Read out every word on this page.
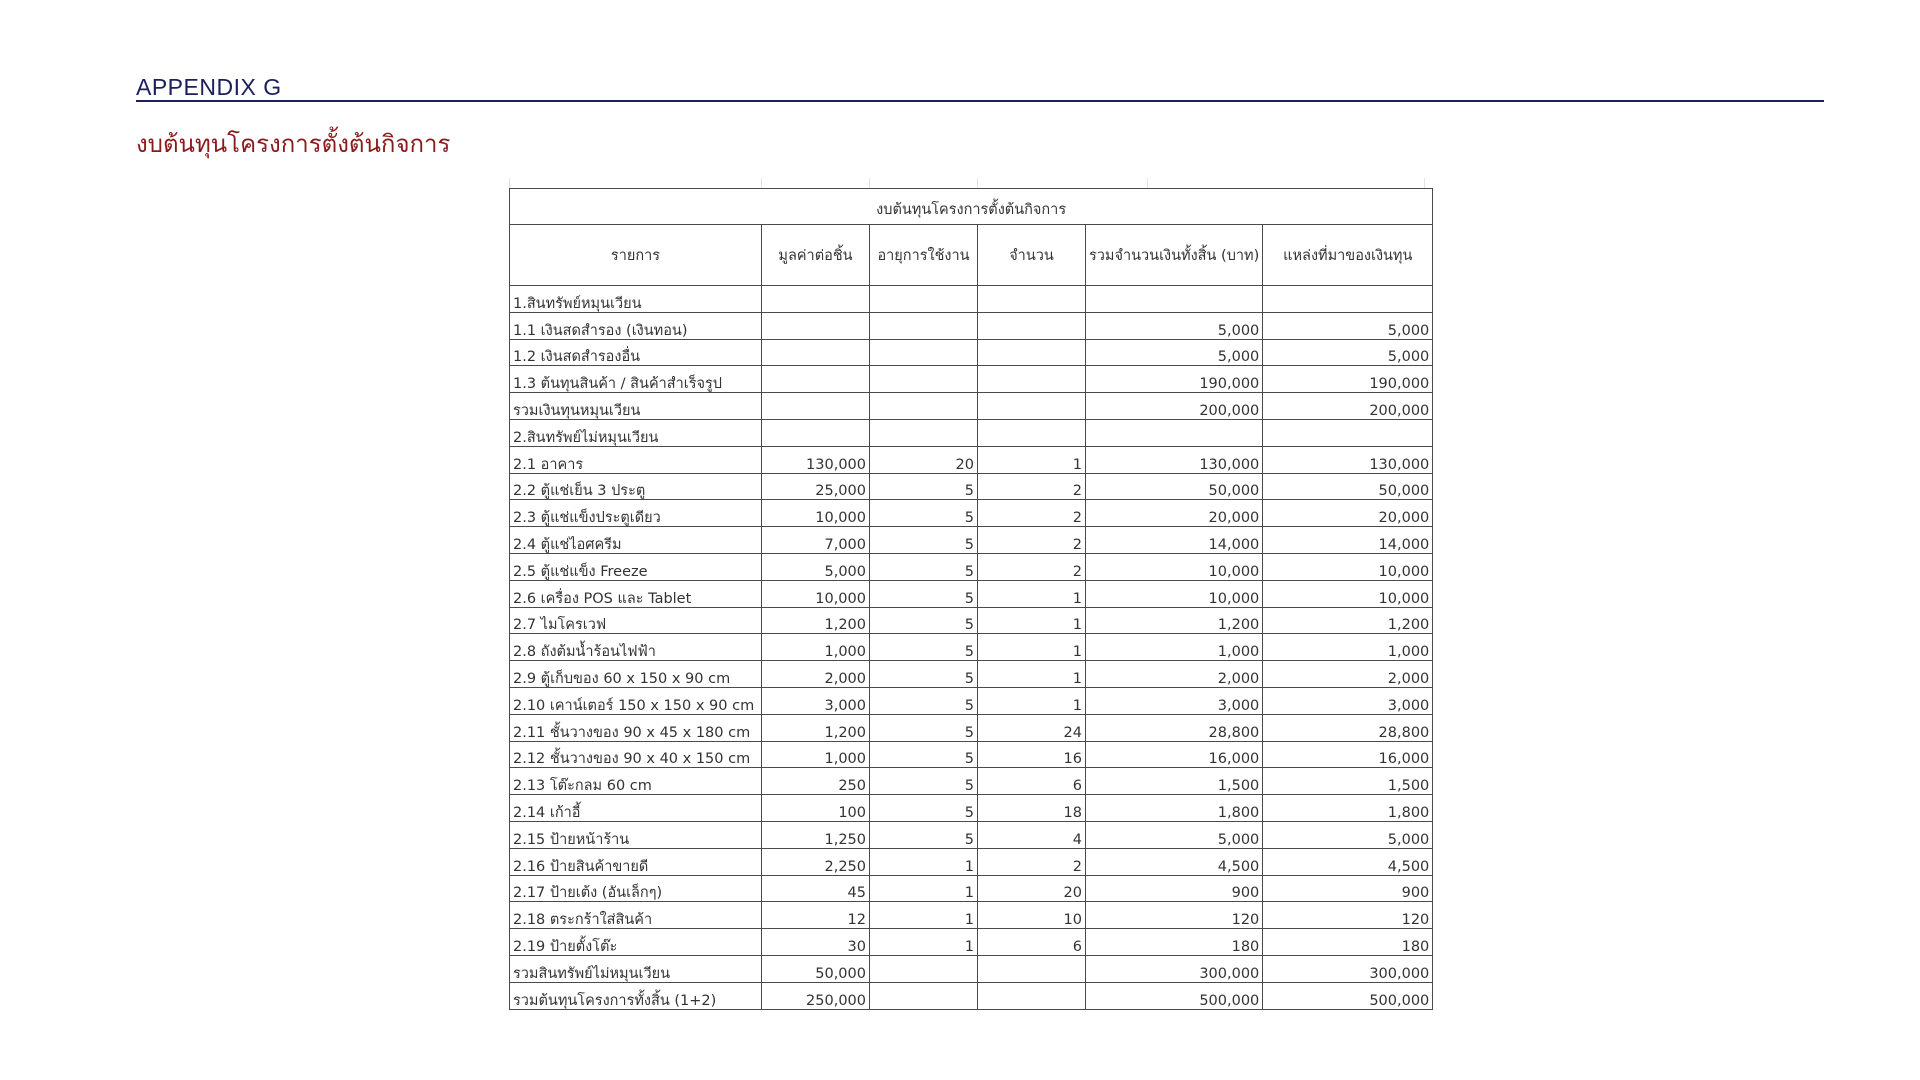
APPENDIX G
งบต้นทุนโครงการตั้งต้นกิจการ
งบต้นทุนโครงการตั้งต้นกิจการ					
รายการ	มูลค่าต่อชิ้น	อายุการใช้งาน	จำนวน	รวมจำนวนเงินทั้งสิ้น (บาท)	แหล่งที่มาของเงินทุน
1.สินทรัพย์หมุนเวียน					
1.1 เงินสดสำรอง (เงินทอน)				5,000	5,000
1.2 เงินสดสำรองอื่น				5,000	5,000
1.3 ต้นทุนสินค้า / สินค้าสำเร็จรูป				190,000	190,000
รวมเงินทุนหมุนเวียน				200,000	200,000
2.สินทรัพย์ไม่หมุนเวียน					
2.1 อาคาร	130,000	20	1	130,000	130,000
2.2 ตู้แช่เย็น 3 ประตู	25,000	5	2	50,000	50,000
2.3 ตู้แช่แข็งประตูเดียว	10,000	5	2	20,000	20,000
2.4 ตู้แช่ไอศครีม	7,000	5	2	14,000	14,000
2.5 ตู้แช่แข็ง Freeze	5,000	5	2	10,000	10,000
2.6 เครื่อง POS และ Tablet	10,000	5	1	10,000	10,000
2.7 ไมโครเวฟ	1,200	5	1	1,200	1,200
2.8 ถังต้มน้ำร้อนไฟฟ้า	1,000	5	1	1,000	1,000
2.9 ตู้เก็บของ 60 x 150 x 90 cm	2,000	5	1	2,000	2,000
2.10 เคาน์เตอร์ 150 x 150 x 90 cm	3,000	5	1	3,000	3,000
2.11 ชั้นวางของ 90 x 45 x 180 cm	1,200	5	24	28,800	28,800
2.12 ชั้นวางของ 90 x 40 x 150 cm	1,000	5	16	16,000	16,000
2.13 โต๊ะกลม 60 cm	250	5	6	1,500	1,500
2.14 เก้าอี้	100	5	18	1,800	1,800
2.15 ป้ายหน้าร้าน	1,250	5	4	5,000	5,000
2.16 ป้ายสินค้าขายดี	2,250	1	2	4,500	4,500
2.17 ป้ายเต้ง (อันเล็กๆ)	45	1	20	900	900
2.18 ตระกร้าใส่สินค้า	12	1	10	120	120
2.19 ป้ายตั้งโต๊ะ	30	1	6	180	180
รวมสินทรัพย์ไม่หมุนเวียน	50,000			300,000	300,000
รวมต้นทุนโครงการทั้งสิ้น (1+2)	250,000			500,000	500,000
